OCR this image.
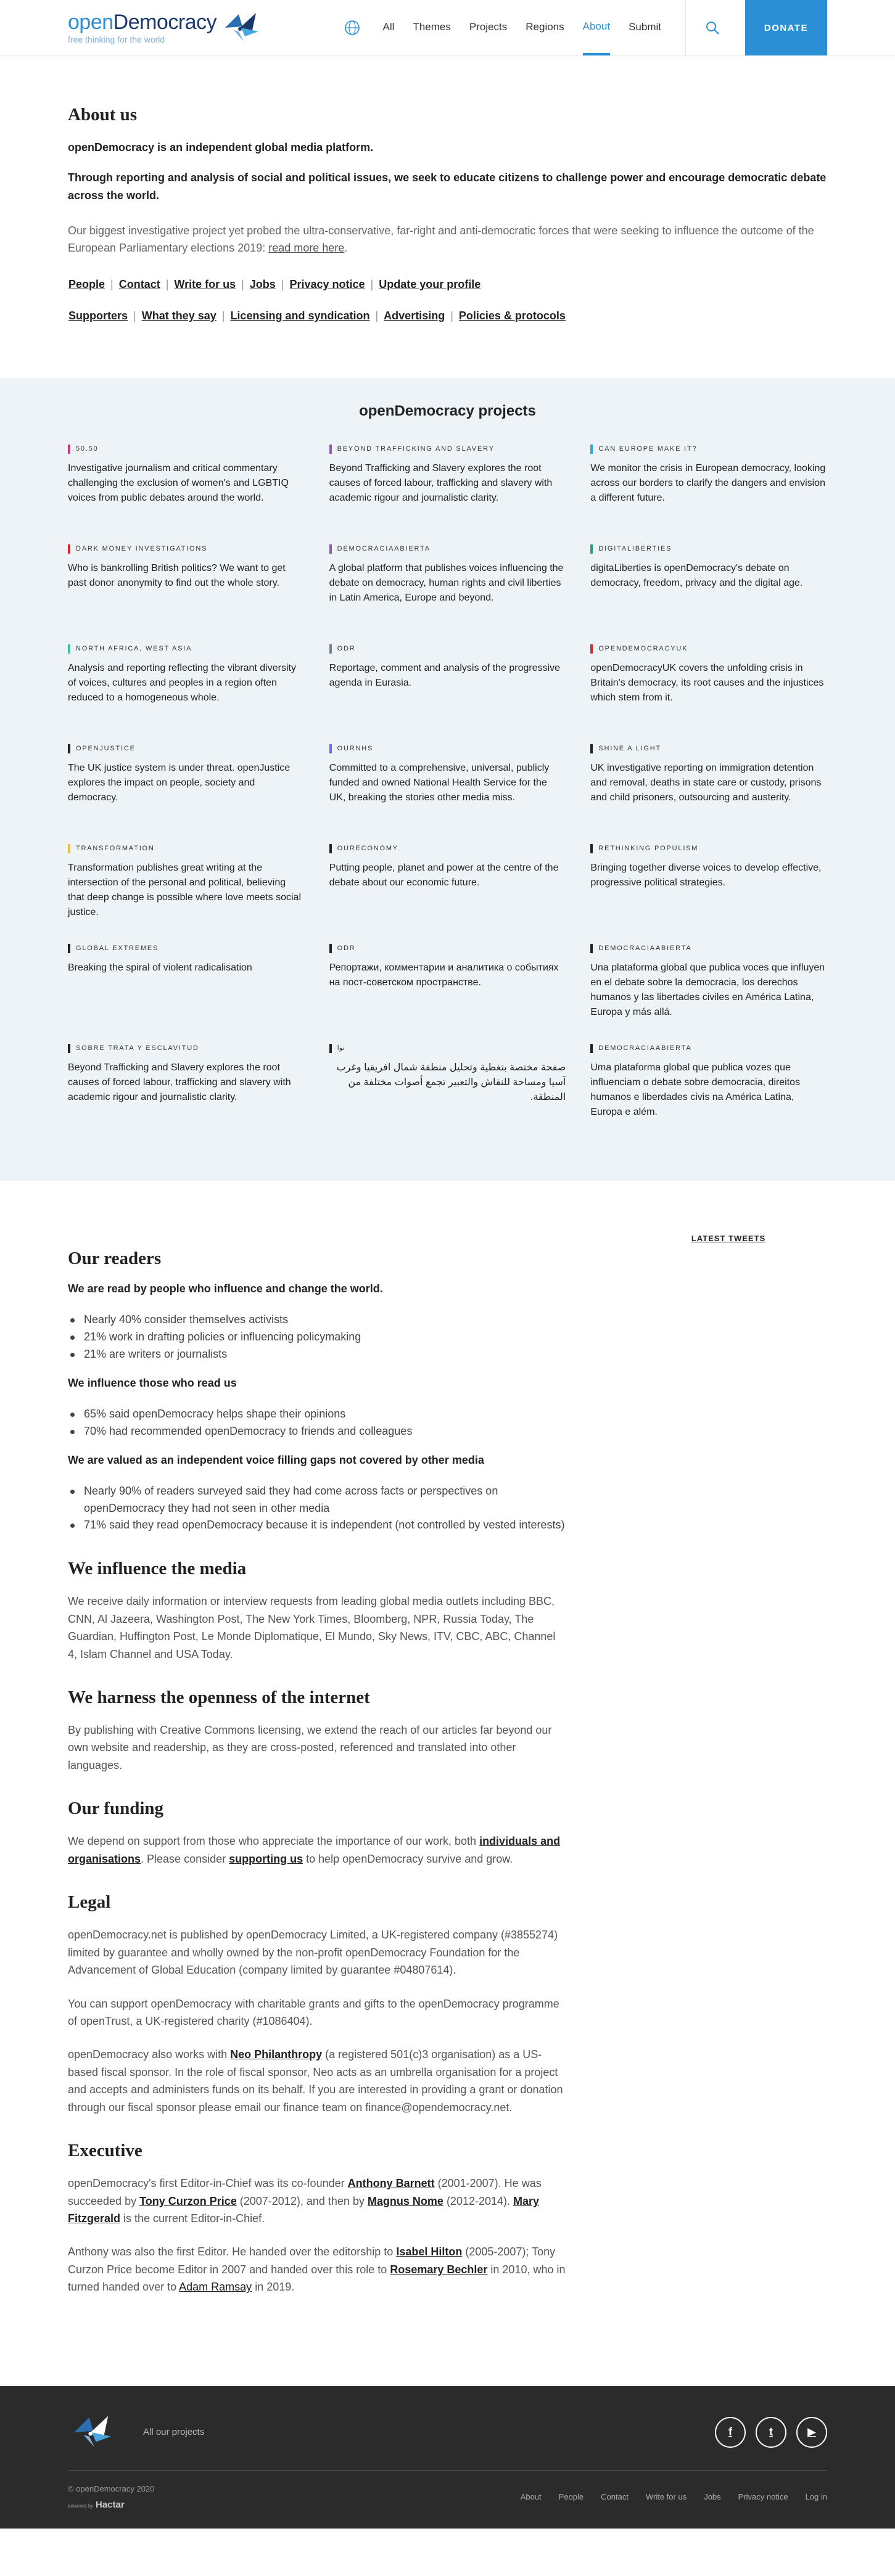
openDemocracy
free thinking for the world
All Themes Projects Regions About Submit	DONATE
About us

openDemocracy is an independent global media platform.

Through reporting and analysis of social and political issues, we seek to educate citizens to challenge power and encourage democratic debate across the world.

Our biggest investigative project yet probed the ultra-conservative, far-right and anti-democratic forces that were seeking to influence the outcome of the European Parliamentary elections 2019: read more here.

People | Contact | Write for us | Jobs | Privacy notice | Update your profile
Supporters | What they say | Licensing and syndication | Advertising | Policies & protocols
openDemocracy projects
50.50
Investigative journalism and critical commentary challenging the exclusion of women's and LGBTIQ voices from public debates around the world.
BEYOND TRAFFICKING AND SLAVERY
Beyond Trafficking and Slavery explores the root causes of forced labour, trafficking and slavery with academic rigour and journalistic clarity.
CAN EUROPE MAKE IT?
We monitor the crisis in European democracy, looking across our borders to clarify the dangers and envision a different future.
DARK MONEY INVESTIGATIONS
Who is bankrolling British politics? We want to get past donor anonymity to find out the whole story.
DEMOCRACIAABIERTA
A global platform that publishes voices influencing the debate on democracy, human rights and civil liberties in Latin America, Europe and beyond.
DIGITALIBERTIES
digitaLiberties is openDemocracy's debate on democracy, freedom, privacy and the digital age.
NORTH AFRICA, WEST ASIA
Analysis and reporting reflecting the vibrant diversity of voices, cultures and peoples in a region often reduced to a homogeneous whole.
ODR
Reportage, comment and analysis of the progressive agenda in Eurasia.
OPENDEMOCRACYUK
openDemocracyUK covers the unfolding crisis in Britain's democracy, its root causes and the injustices which stem from it.
OPENJUSTICE
The UK justice system is under threat. openJustice explores the impact on people, society and democracy.
OURNHS
Committed to a comprehensive, universal, publicly funded and owned National Health Service for the UK, breaking the stories other media miss.
SHINE A LIGHT
UK investigative reporting on immigration detention and removal, deaths in state care or custody, prisons and child prisoners, outsourcing and austerity.
TRANSFORMATION
Transformation publishes great writing at the intersection of the personal and political, believing that deep change is possible where love meets social justice.
OURECONOMY
Putting people, planet and power at the centre of the debate about our economic future.
RETHINKING POPULISM
Bringing together diverse voices to develop effective, progressive political strategies.
GLOBAL EXTREMES
Breaking the spiral of violent radicalisation
ODR
Репортажи, комментарии и аналитика о событиях на пост-советском пространстве.
DEMOCRACIAABIERTA
Una plataforma global que publica voces que influyen en el debate sobre la democracia, los derechos humanos y las libertades civiles en América Latina, Europa y más allá.
SOBRE TRATA Y ESCLAVITUD
Beyond Trafficking and Slavery explores the root causes of forced labour, trafficking and slavery with academic rigour and journalistic clarity.
نوا
صفحة مختصة بتغطية وتحليل منطقة شمال افريقيا وغرب آسيا ومساحة للنقاش والتعبير تجمع أصوات مختلفة من المنطقة.
DEMOCRACIAABIERTA
Uma plataforma global que publica vozes que influenciam o debate sobre democracia, direitos humanos e liberdades civis na América Latina, Europa e além.
Our readers

We are read by people who influence and change the world.

Nearly 40% consider themselves activists
21% work in drafting policies or influencing policymaking
21% are writers or journalists

We influence those who read us

65% said openDemocracy helps shape their opinions
70% had recommended openDemocracy to friends and colleagues

We are valued as an independent voice filling gaps not covered by other media

Nearly 90% of readers surveyed said they had come across facts or perspectives on openDemocracy they had not seen in other media
71% said they read openDemocracy because it is independent (not controlled by vested interests)
We influence the media

We receive daily information or interview requests from leading global media outlets including BBC, CNN, Al Jazeera, Washington Post, The New York Times, Bloomberg, NPR, Russia Today, The Guardian, Huffington Post, Le Monde Diplomatique, El Mundo, Sky News, ITV, CBC, ABC, Channel 4, Islam Channel and USA Today.

We harness the openness of the internet

By publishing with Creative Commons licensing, we extend the reach of our articles far beyond our own website and readership, as they are cross-posted, referenced and translated into other languages.

Our funding

We depend on support from those who appreciate the importance of our work, both individuals and organisations. Please consider supporting us to help openDemocracy survive and grow.

Legal

openDemocracy.net is published by openDemocracy Limited, a UK-registered company (#3855274) limited by guarantee and wholly owned by the non-profit openDemocracy Foundation for the Advancement of Global Education (company limited by guarantee #04807614).

You can support openDemocracy with charitable grants and gifts to the openDemocracy programme of openTrust, a UK-registered charity (#1086404).

openDemocracy also works with Neo Philanthropy (a registered 501(c)3 organisation) as a US-based fiscal sponsor. In the role of fiscal sponsor, Neo acts as an umbrella organisation for a project and accepts and administers funds on its behalf. If you are interested in providing a grant or donation through our fiscal sponsor please email our finance team on finance@opendemocracy.net.

Executive

openDemocracy's first Editor-in-Chief was its co-founder Anthony Barnett (2001-2007). He was succeeded by Tony Curzon Price (2007-2012), and then by Magnus Nome (2012-2014). Mary Fitzgerald is the current Editor-in-Chief.

Anthony was also the first Editor. He handed over the editorship to Isabel Hilton (2005-2007); Tony Curzon Price become Editor in 2007 and handed over this role to Rosemary Bechler in 2010, who in turned handed over to Adam Ramsay in 2019.

LATEST TWEETS
All our projects	f	t	▶
© openDemocracy 2020
powered by Hactar
About People Contact Write for us Jobs Privacy notice Log in
